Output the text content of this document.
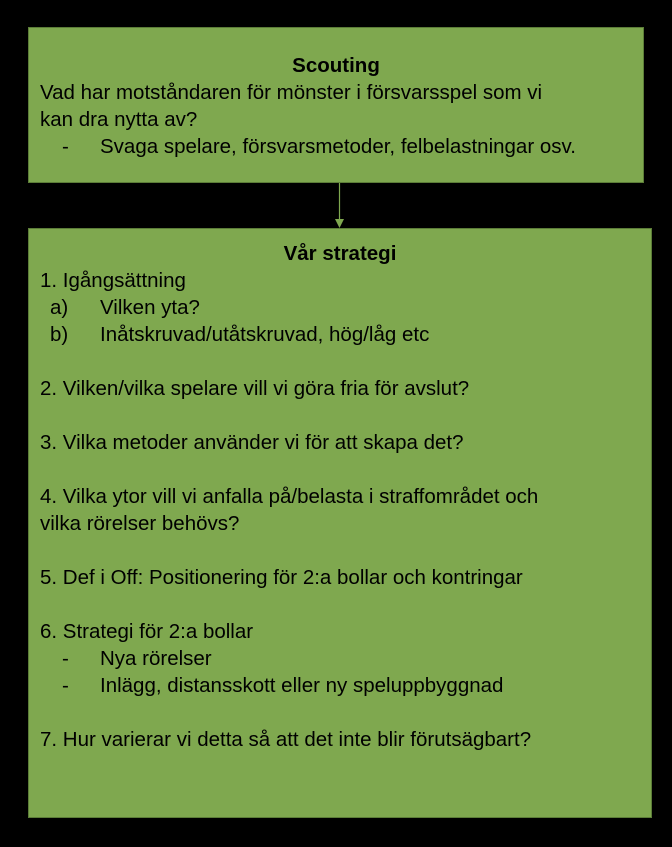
Scouting
Vad har motståndaren för mönster i försvarsspel som vi
kan dra nytta av?
- Svaga spelare, försvarsmetoder, felbelastningar osv.
Vår strategi
1. Igångsättning
a) Vilken yta?
b) Inåtskruvad/utåtskruvad, hög/låg etc
2. Vilken/vilka spelare vill vi göra fria för avslut?
3. Vilka metoder använder vi för att skapa det?
4. Vilka ytor vill vi anfalla på/belasta i straffområdet och
vilka rörelser behövs?
5. Def i Off: Positionering för 2:a bollar och kontringar
6. Strategi för 2:a bollar
- Nya rörelser
- Inlägg, distansskott eller ny speluppbyggnad
7. Hur varierar vi detta så att det inte blir förutsägbart?
